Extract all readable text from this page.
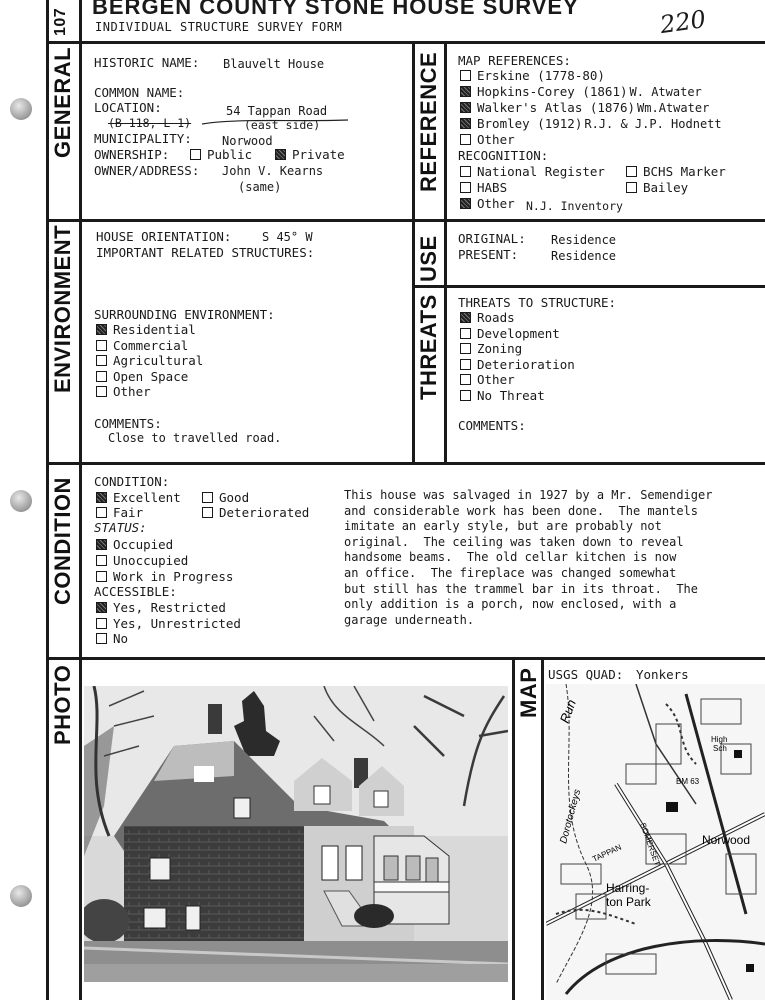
107
BERGEN COUNTY STONE HOUSE SURVEY
INDIVIDUAL STRUCTURE SURVEY FORM	220
GENERAL	REFERENCE
ENVIRONMENT	USE
THREATS
CONDITION
PHOTO	MAP
HISTORIC NAME: Blauvelt House
COMMON NAME:
LOCATION:	54 Tappan Road
(B 118, L 1)	(east side)
MUNICIPALITY:	Norwood
OWNERSHIP:	Public	Private
OWNER/ADDRESS: John V. Kearns
(same)
MAP REFERENCES:
Erskine (1778-80)
Hopkins-Corey (1861) W. Atwater
Walker's Atlas (1876) Wm.Atwater
Bromley (1912) R.J. & J.P. Hodnett
Other
RECOGNITION:
National Register	BCHS Marker
HABS	Bailey
Other N.J. Inventory
HOUSE ORIENTATION:	S 45° W
IMPORTANT RELATED STRUCTURES:
SURROUNDING ENVIRONMENT:
Residential
Commercial
Agricultural
Open Space
Other
COMMENTS:
Close to travelled road.
ORIGINAL: Residence
PRESENT:	Residence
THREATS TO STRUCTURE:
Roads
Development
Zoning
Deterioration
Other
No Threat
COMMENTS:
CONDITION:
Excellent	Good
Fair	Deteriorated
STATUS:
Occupied
Unoccupied
Work in Progress
ACCESSIBLE:
Yes, Restricted
Yes, Unrestricted
No
This house was salvaged in 1927 by a Mr. Semendiger
and considerable work has been done.  The mantels
imitate an early style, but are probably not
original.  The ceiling was taken down to reveal
handsome beams.  The old cellar kitchen is now
an office.  The fireplace was changed somewhat
but still has the trammel bar in its throat.  The
only addition is a porch, now enclosed, with a
garage underneath.
USGS QUAD: Yonkers
Run
Dorotockeys	Norwood
Harring-
ton Park
TAPPAN
High
Sch
BM 63
SOMERSET
